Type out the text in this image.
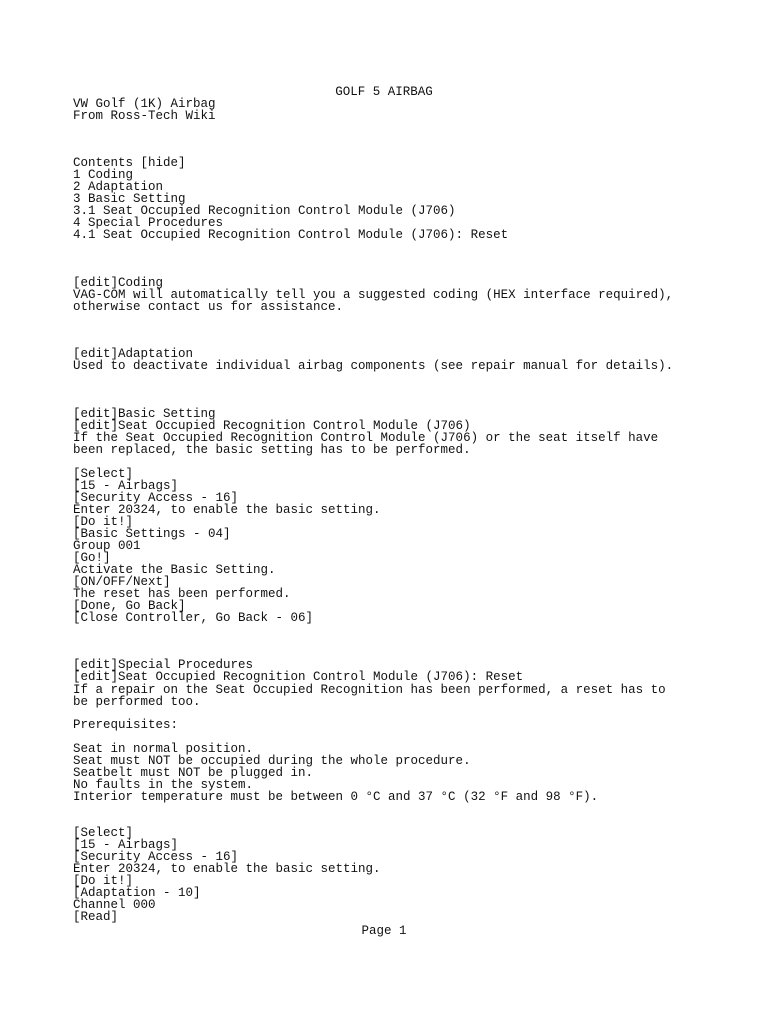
GOLF 5 AIRBAG
VW Golf (1K) Airbag
From Ross-Tech Wiki
Contents [hide]
1 Coding
2 Adaptation
3 Basic Setting
3.1 Seat Occupied Recognition Control Module (J706)
4 Special Procedures
4.1 Seat Occupied Recognition Control Module (J706): Reset
[edit]Coding
VAG-COM will automatically tell you a suggested coding (HEX interface required),
otherwise contact us for assistance.
[edit]Adaptation
Used to deactivate individual airbag components (see repair manual for details).
[edit]Basic Setting
[edit]Seat Occupied Recognition Control Module (J706)
If the Seat Occupied Recognition Control Module (J706) or the seat itself have
been replaced, the basic setting has to be performed.
[Select]
[15 - Airbags]
[Security Access - 16]
Enter 20324, to enable the basic setting.
[Do it!]
[Basic Settings - 04]
Group 001
[Go!]
Activate the Basic Setting.
[ON/OFF/Next]
The reset has been performed.
[Done, Go Back]
[Close Controller, Go Back - 06]
[edit]Special Procedures
[edit]Seat Occupied Recognition Control Module (J706): Reset
If a repair on the Seat Occupied Recognition has been performed, a reset has to
be performed too.
Prerequisites:
Seat in normal position.
Seat must NOT be occupied during the whole procedure.
Seatbelt must NOT be plugged in.
No faults in the system.
Interior temperature must be between 0 °C and 37 °C (32 °F and 98 °F).
[Select]
[15 - Airbags]
[Security Access - 16]
Enter 20324, to enable the basic setting.
[Do it!]
[Adaptation - 10]
Channel 000
[Read]
Page 1
